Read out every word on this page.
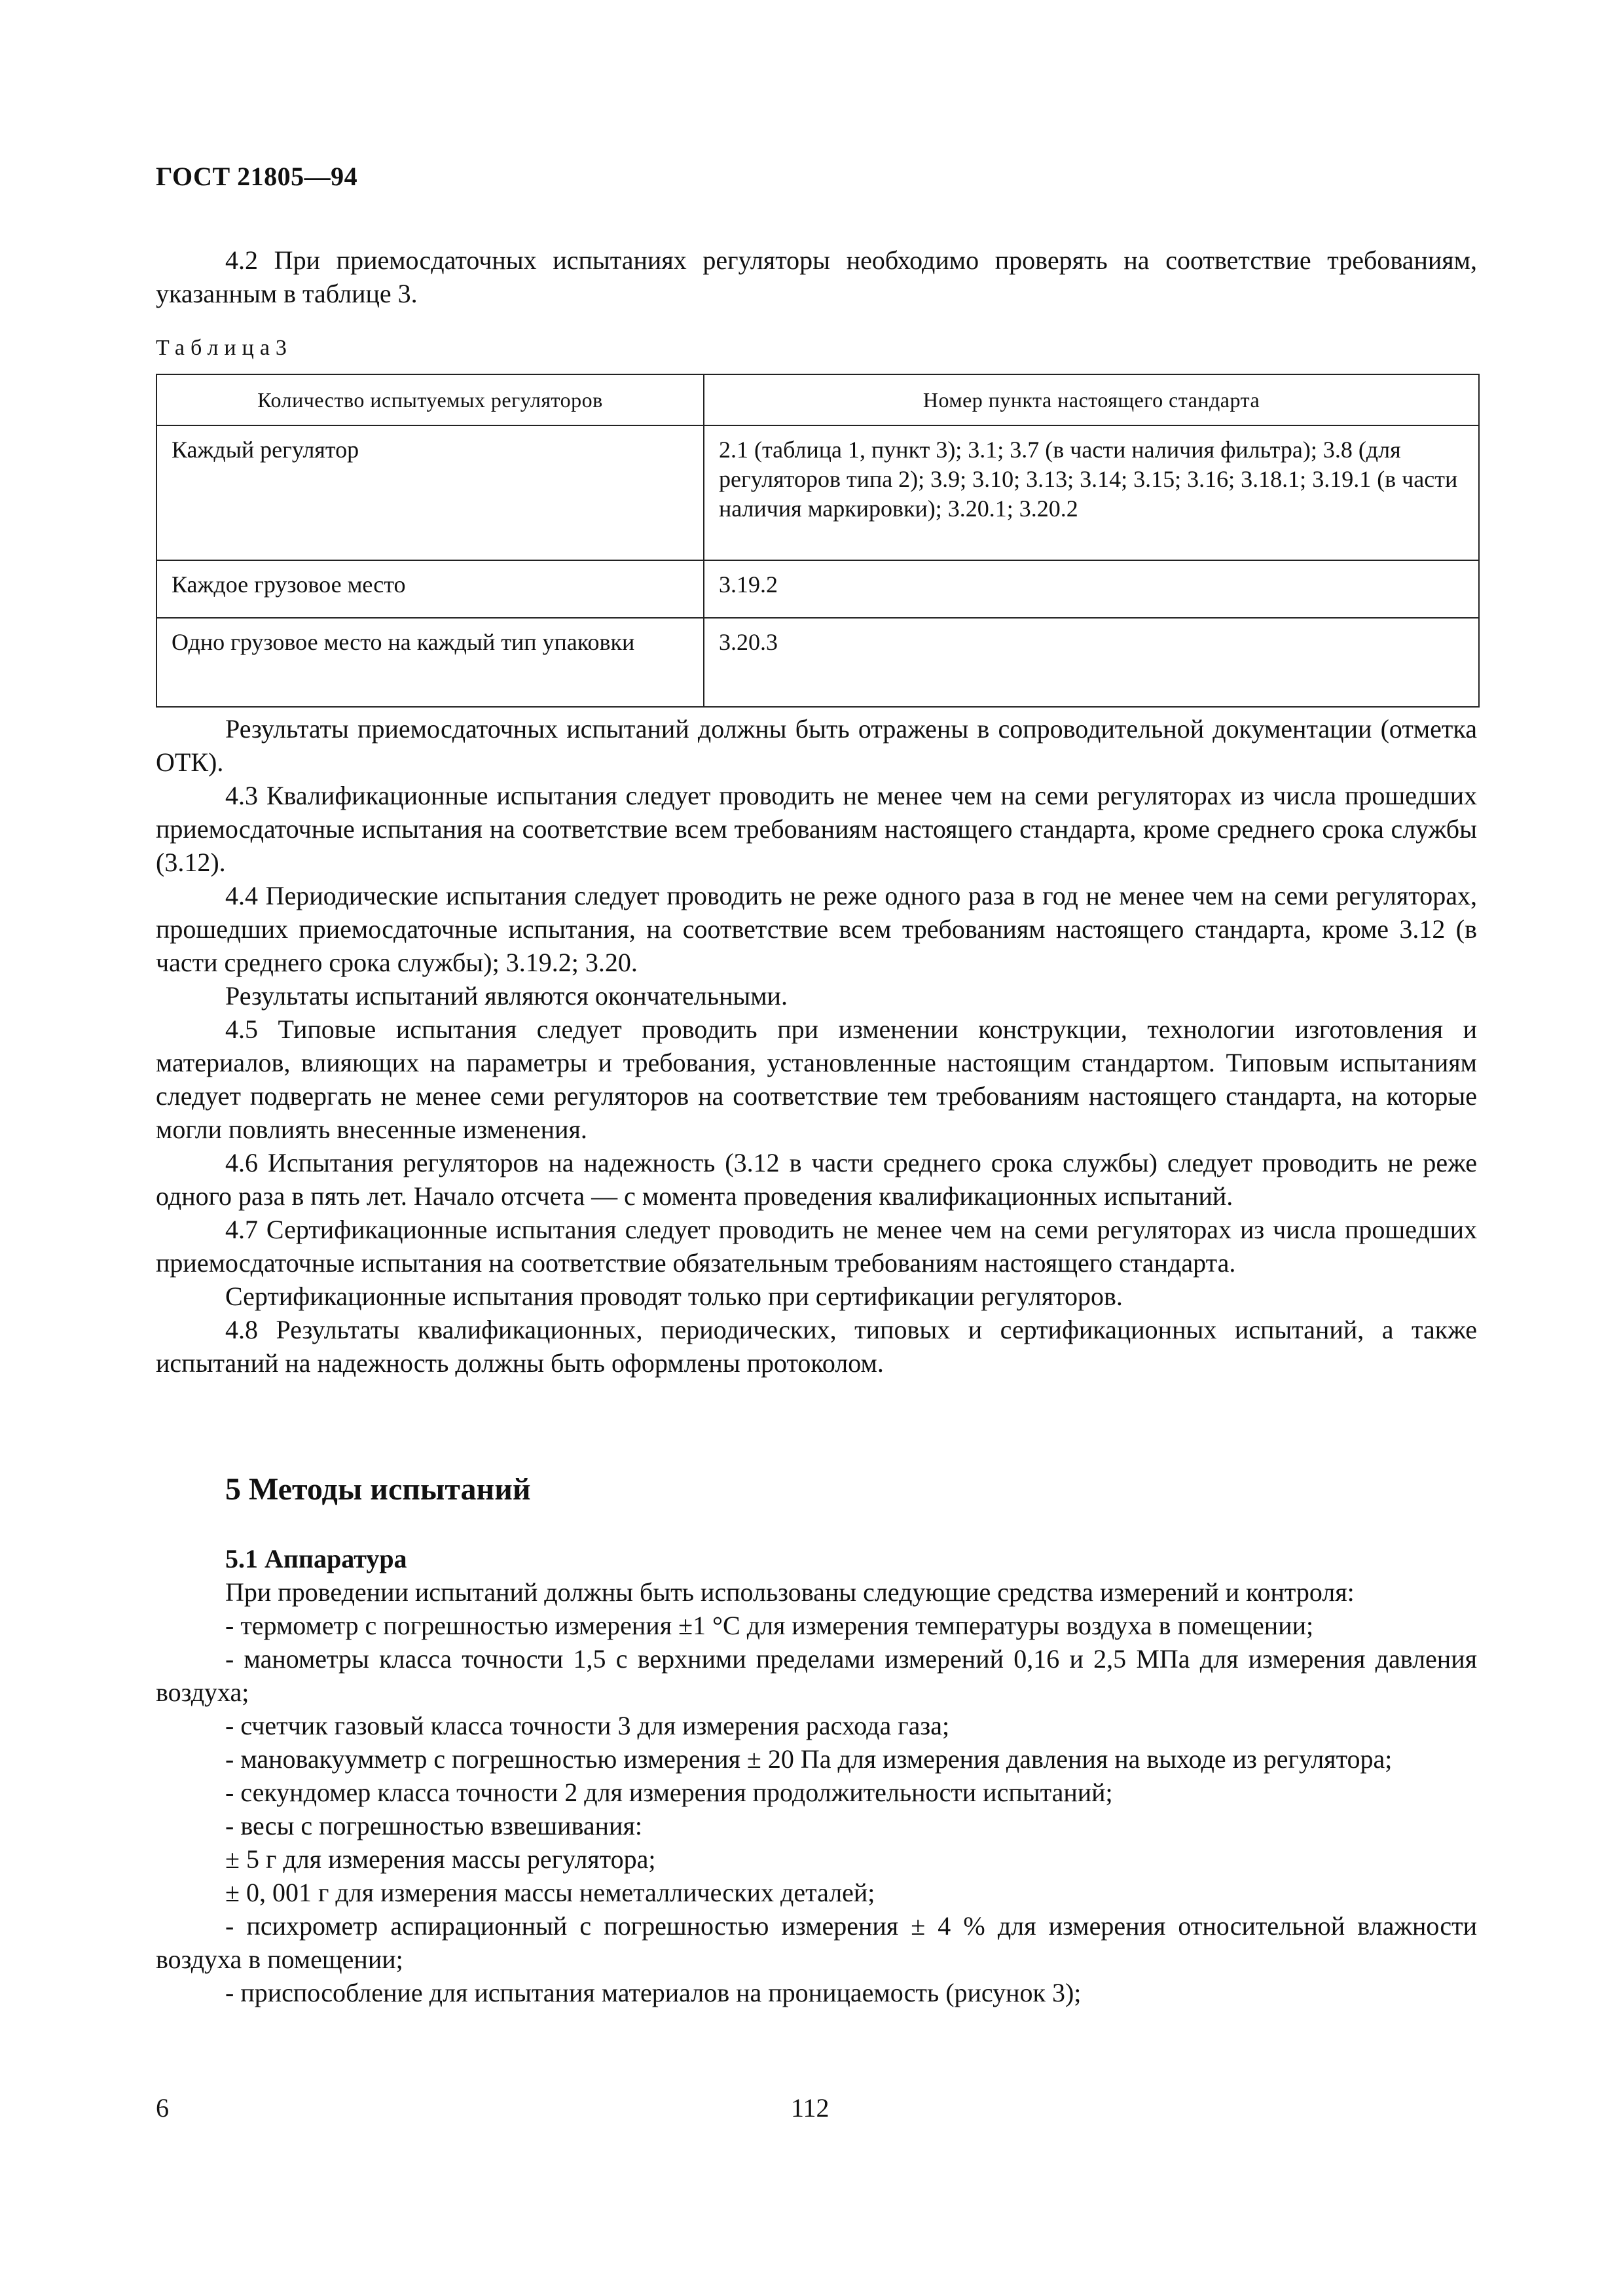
ГОСТ 21805—94

4.2 При приемосдаточных испытаниях регуляторы необходимо проверять на соответствие требованиям, указанным в таблице 3.

Таблица3
Количество испытуемых регуляторов	Номер пункта настоящего стандарта
Каждый регулятор	2.1 (таблица 1, пункт 3); 3.1; 3.7 (в части наличия фильтра); 3.8 (для регуляторов типа 2); 3.9; 3.10; 3.13; 3.14; 3.15; 3.16; 3.18.1; 3.19.1 (в части наличия маркировки); 3.20.1; 3.20.2
Каждое грузовое место	3.19.2
Одно грузовое место на каждый тип упаковки	3.20.3

Результаты приемосдаточных испытаний должны быть отражены в сопроводительной документации (отметка ОТК).

4.3 Квалификационные испытания следует проводить не менее чем на семи регуляторах из числа прошедших приемосдаточные испытания на соответствие всем требованиям настоящего стандарта, кроме среднего срока службы (3.12).

4.4 Периодические испытания следует проводить не реже одного раза в год не менее чем на семи регуляторах, прошедших приемосдаточные испытания, на соответствие всем требованиям настоящего стандарта, кроме 3.12 (в части среднего срока службы); 3.19.2; 3.20.

Результаты испытаний являются окончательными.

4.5 Типовые испытания следует проводить при изменении конструкции, технологии изготовления и материалов, влияющих на параметры и требования, установленные настоящим стандартом. Типовым испытаниям следует подвергать не менее семи регуляторов на соответствие тем требованиям настоящего стандарта, на которые могли повлиять внесенные изменения.

4.6 Испытания регуляторов на надежность (3.12 в части среднего срока службы) следует проводить не реже одного раза в пять лет. Начало отсчета — с момента проведения квалификационных испытаний.

4.7 Сертификационные испытания следует проводить не менее чем на семи регуляторах из числа прошедших приемосдаточные испытания на соответствие обязательным требованиям настоящего стандарта.

Сертификационные испытания проводят только при сертификации регуляторов.

4.8 Результаты квалификационных, периодических, типовых и сертификационных испытаний, а также испытаний на надежность должны быть оформлены протоколом.

5 Методы испытаний

5.1 Аппаратура

При проведении испытаний должны быть использованы следующие средства измерений и контроля:

- термометр с погрешностью измерения ±1 °С для измерения температуры воздуха в помещении;

- манометры класса точности 1,5 с верхними пределами измерений 0,16 и 2,5 МПа для измерения давления воздуха;

- счетчик газовый класса точности 3 для измерения расхода газа;

- мановакуумметр с погрешностью измерения ± 20 Па для измерения давления на выходе из регулятора;

- секундомер класса точности 2 для измерения продолжительности испытаний;

- весы с погрешностью взвешивания:

± 5 г для измерения массы регулятора;

± 0, 001 г для измерения массы неметаллических деталей;

- психрометр аспирационный с погрешностью измерения ± 4 % для измерения относительной влажности воздуха в помещении;

- приспособление для испытания материалов на проницаемость (рисунок 3);

6	112
